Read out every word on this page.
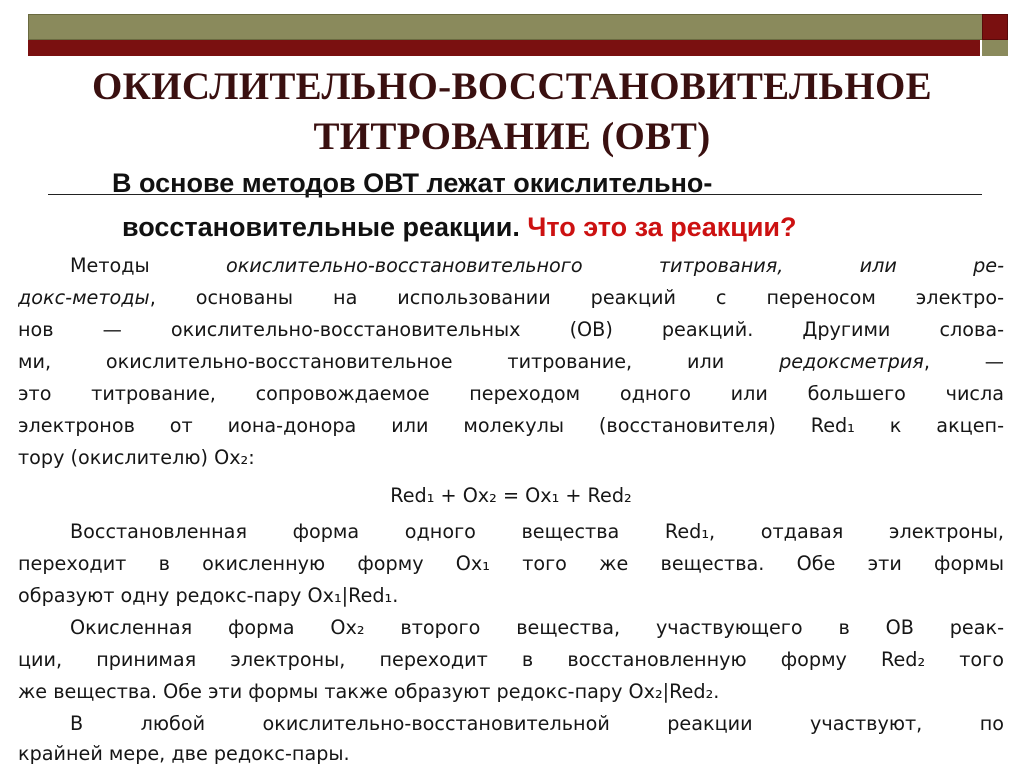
ОКИСЛИТЕЛЬНО-ВОССТАНОВИТЕЛЬНОЕ
ТИТРОВАНИЕ (ОВТ)
В основе методов ОВТ лежат окислительно-
восстановительные реакции. Что это за реакции?
Методы окислительно-восстановительного титрования, или ре-
докс-методы, основаны на использовании реакций с переносом электро-
нов — окислительно-восстановительных (ОВ) реакций. Другими слова-
ми, окислительно-восстановительное титрование, или редоксметрия, —
это титрование, сопровождаемое переходом одного или большего числа
электронов от иона-донора или молекулы (восстановителя) Red₁ к акцеп-
тору (окислителю) Ox₂:
Red₁ + Ox₂ = Ox₁ + Red₂
Восстановленная форма одного вещества Red₁, отдавая электроны,
переходит в окисленную форму Ox₁ того же вещества. Обе эти формы
образуют одну редокс-пару Ox₁|Red₁.
Окисленная форма Ox₂ второго вещества, участвующего в ОВ реак-
ции, принимая электроны, переходит в восстановленную форму Red₂ того
же вещества. Обе эти формы также образуют редокс-пару Ox₂|Red₂.
В любой окислительно-восстановительной реакции участвуют, по
крайней мере, две редокс-пары.
